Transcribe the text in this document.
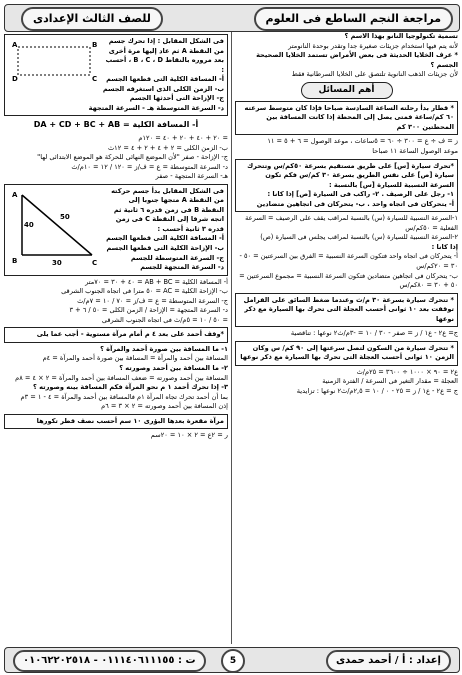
للصف الثالث الإعدادى	مراجعة النجم الساطع فى العلوم

تسمية تكنولوجيا النانو بهذا الاسم ؟

لأنه يتم فيها استخدام جزيئات صغيرة جدا وتقدر بوحدة النانومتر

* عرف الخلايا الحديثة فى بعض الأمراض تستمد الخلايا الصحيحة الجسم ؟

لأن جزيئات الذهب النانوية تلتصق على الخلايا السرطانية فقط

أهم المسائل
* قطار بدأ رحلته الساعة السادسة صباحا فإذا كان متوسط سرعته ٦٠ كم/ساعة فمتى يصل إلى المحطة إذا كانت المسافة بين المحطتين ٣٠٠ كم

ز = ف ÷ ع = ٣٠٠ ÷ ٦٠ = ٥ساعات ، موعد الوصول = ٦ + ٥ = ١١

موعد الوصول الساعة ١١ صباحا

*تحرك سيارة [س] على طريق مستقيم بسرعة ٥٠كم/س وتتحرك سيارة [ص] على نفس الطريق بسرعة ٣٠ كم/س فكم تكون السرعة النسبية للسيارة [س] بالنسبة :

١- رجل على الرصيف . ٢- راكب فى السيارة [ص] إذا كانا :

أ- يتحركان فى اتجاه واحد . ب- يتحركان فى اتجاهين متضادين

١-السرعة النسبية للسيارة (س) بالنسبة لمراقب يقف على الرصيف = السرعة الفعلية = ٥٠كم/س

٢-السرعة النسبية للسيارة (س) بالنسبة لمراقب يجلس فى السيارة (ص)

إذا كانا :

أ- يتحركان فى اتجاه واحد فتكون السرعة النسبية = الفرق بين السرعتين = ٥٠ - ٣٠ = ٢٠كم/س

ب- يتحركان فى اتجاهين متضادين فتكون السرعة النسبية = مجموع السرعتين = ٥٠ + ٣٠ = ٨٠كم/س

* تتحرك سيارة بسرعة ٣٠ م/ث وعندما ضغط السائق على الفرامل توقفت بعد ١٠ ثوانى أحسب العجلة التى تحرك بها السيارة مع ذكر نوعها

ج= ع٢ - ع١ / ز = صفر - ٣٠ / ١٠ = -٣م/ث٢ نوعها : تناقصية

* تتحرك سيارة من السكون لتصل سرعتها إلى ٩٠ كم/ س وكان الزمن ١٠ ثوانى أحسب العجلة التى تحرك بها السيارة مع ذكر نوعها

ع٢ = ٩٠ × ١٠٠٠ ÷ ٣٦٠٠ = ٢٥م/ث

العجلة = مقدار التغير فى السرعة / الفترة الزمنية

ج = ع٢ - ع١ / ز = ٢٥ - ٠ / ١٠ = ٢,٥م/ث٢ نوعها : تزايدية

A	B
C
D

فى الشكل المقابل : إذا تحرك جسم من النقطة A ثم عاد إليها مرة أخرى بعد مروره بالنقاط B ، C ، D ، أحسب :

أ- المسافة الكلية التى قطعها الجسم

ب- الزمن الكلى الذى استغرقه الجسم

ج- الإزاحة التى أحدثها الجسم

د- السرعة المتوسطة هـ - السرعة المتجهة

DA + CD + BC + AB = أ- المسافة الكلية

= ٢٠ + ٤٠ + ٢٠ + ٤٠ = ١٢٠م

ب- الزمن الكلى = ٢ + ٤ + ٢ + ٤ = ١٢ث

ج- الإزاحة - صفر "لأن الموضع النهائى للحركة هو الموضع الابتدائى لها"

د- السرعة المتوسطة = ع = ف/ز = ١٢٠ / ١٢ = ١٠م/ث

هـ- السرعة المتجهة - صفر

A
B	C
40
30
50

فى الشكل المقابل بدأ جسم حركته من النقطة A متجها جنوبا إلى النقطة B فى زمن قدره ٦ ثانية ثم اتجه شرقا إلى النقطة C فى زمن قدره ٣ ثانية أحسب :

أ- المسافة الكلية التى قطعها الجسم

ب- الإزاحة الكلية التى قطعها الجسم

ج- السرعة المتوسطة للجسم

د- السرعة المتجهة للجسم

أ- المسافة الكلية = AB + BC = ٤٠ + ٣٠ = ٧٠متر

ب- الإزاحة الكلية = AC = ٥٠ مترا فى اتجاه الجنوب الشرقى

ج- السرعة المتوسطة = ع = ف/ز = ٧٠ / ١٠ = ٧م/ث

د- السرعة المتجهة = الإزاحة / الزمن الكلى = ٥٠ / ٦ + ٣

= ٥٠ / ١٠ = ٥م/ث فى اتجاه الجنوب الشرقى

*وقف أحمد على بعد ٤ م أمام مرآة مستوية - أجب عما يلى

١- ما المسافة بين صورة أحمد والمرآة ؟

المسافة بين أحمد والمرآة = المسافة بين صورة أحمد والمرآة = ٤م

٢- ما المسافة بين أحمد وصورته ؟

المسافة بين أحمد وصورته = ضعف المسافة بين أحمد والمرآة = ٢ × ٤ = ٨م

٣- إذا تحرك أحمد ١ م نحو المرآة فكم المسافة بينه وصورته ؟

بما أن أحمد تحرك تجاه المرآة ١م فالمسافة بين أحمد والمرآة = ٤ - ١ = ٣م

إذن المسافة بين أحمد وصورته = ٢ × ٣ = ٦م

مرآة مقعرة بعدها البؤرى ١٠ سم أحسب نصف قطر تكورها

ر = ٢ع = ٢ × ١٠ = ٢٠سم

ت : ٠١١١٤٠٦١١١٥٥ - ٠١٠٦٢٢٠٢٥١٨	5	إعداد : أ / أحمد حمدى
